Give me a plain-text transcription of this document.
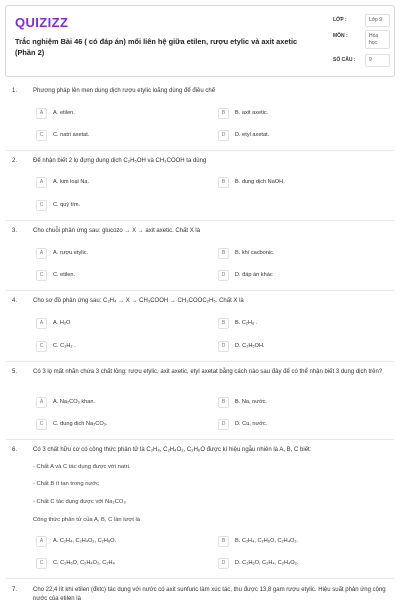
QUIZIZZ
Trắc nghiệm Bài 46 ( có đáp án) mối liên hệ giữa etilen, rượu etylic và axit axetic (Phần 2)
LỚP :	Lớp 9
MÔN :	Hóa học
SỐ CÂU :	9
1.	Phương pháp lên men dung dịch rượu etylic loãng dùng để điều chế
A	A. etilen.	B	B. axit axetic.
C	C. natri axetat.	D	D. etyl axetat.
2.	Để nhận biết 2 lọ đựng dung dịch C₂H₅OH và CH₃COOH ta dùng
A	A. kim loại Na.	B	B. dung dịch NaOH.
C	C. quỳ tím.
3.	Cho chuỗi phản ứng sau: glucozo → X → axit axetic. Chất X là
A	A. rượu etylic.	B	B. khí cacbonic.
C	C. etilen.	D	D. đáp án khác
4.	Cho sơ đồ phản ứng sau: C₂H₄ → X → CH₃COOH → CH₃COOC₂H₅. Chất X là
A	A. H₂O	B	B. C₂H₆ .
C	C. C₂H₂ .	D	D. C₂H₅OH.
5.	Có 3 lọ mất nhãn chứa 3 chất lỏng: rượu etylic, axit axetic, etyl axetat bằng cách nào sau đây để có thể nhận biết 3 dung dịch trên?
A	A. Na₂CO₃ khan.	B	B. Na, nước.
C	C. dung dịch Na₂CO₃.	D	D. Cu, nước.
6.	Có 3 chất hữu cơ có công thức phân tử là C₂H₄, C₂H₄O₂, C₂H₆O được kí hiệu ngẫu nhiên là A, B, C biết:
- Chất A và C tác dụng được với natri.
- Chất B ít tan trong nước
- Chất C tác dụng được với Na₂CO₃
Công thức phân tử của A, B, C lần lượt là
A	A. C₂H₄, C₂H₄O₂, C₂H₆O.	B	B. C₂H₄, C₂H₆O, C₂H₄O₂.
C	C. C₂H₆O, C₂H₄O₂, C₂H₄	D	D. C₂H₆O, C₂H₄, C₂H₄O₂.
7.	Cho 22,4 lít khí etilen (đktc) tác dụng với nước có axit sunfuric làm xúc tác, thu được 13,8 gam rượu etylic. Hiệu suất phản ứng cộng nước của etilen là
